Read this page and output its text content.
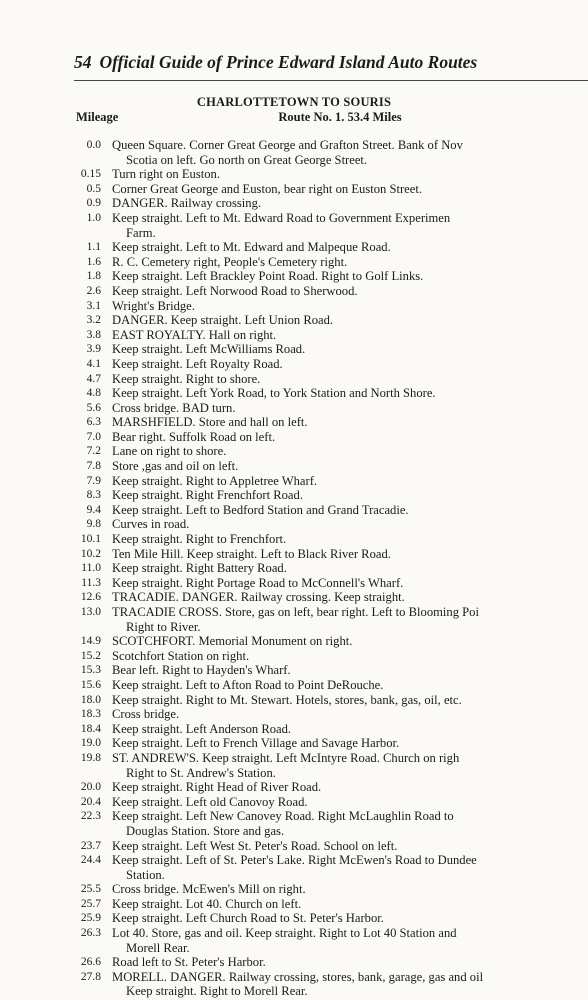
54 Official Guide of Prince Edward Island Auto Routes
CHARLOTTETOWN TO SOURIS
Mileage	Route No. 1. 53.4 Miles
0.0 Queen Square. Corner Great George and Grafton Street. Bank of Nov
Scotia on left. Go north on Great George Street.
0.15 Turn right on Euston.
0.5 Corner Great George and Euston, bear right on Euston Street.
0.9 DANGER. Railway crossing.
1.0 Keep straight. Left to Mt. Edward Road to Government Experimen
Farm.
1.1 Keep straight. Left to Mt. Edward and Malpeque Road.
1.6 R. C. Cemetery right, People's Cemetery right.
1.8 Keep straight. Left Brackley Point Road. Right to Golf Links.
2.6 Keep straight. Left Norwood Road to Sherwood.
3.1 Wright's Bridge.
3.2 DANGER. Keep straight. Left Union Road.
3.8 EAST ROYALTY. Hall on right.
3.9 Keep straight. Left McWilliams Road.
4.1 Keep straight. Left Royalty Road.
4.7 Keep straight. Right to shore.
4.8 Keep straight. Left York Road, to York Station and North Shore.
5.6 Cross bridge. BAD turn.
6.3 MARSHFIELD. Store and hall on left.
7.0 Bear right. Suffolk Road on left.
7.2 Lane on right to shore.
7.8 Store ,gas and oil on left.
7.9 Keep straight. Right to Appletree Wharf.
8.3 Keep straight. Right Frenchfort Road.
9.4 Keep straight. Left to Bedford Station and Grand Tracadie.
9.8 Curves in road.
10.1 Keep straight. Right to Frenchfort.
10.2 Ten Mile Hill. Keep straight. Left to Black River Road.
11.0 Keep straight. Right Battery Road.
11.3 Keep straight. Right Portage Road to McConnell's Wharf.
12.6 TRACADIE. DANGER. Railway crossing. Keep straight.
13.0 TRACADIE CROSS. Store, gas on left, bear right. Left to Blooming Poi
Right to River.
14.9 SCOTCHFORT. Memorial Monument on right.
15.2 Scotchfort Station on right.
15.3 Bear left. Right to Hayden's Wharf.
15.6 Keep straight. Left to Afton Road to Point DeRouche.
18.0 Keep straight. Right to Mt. Stewart. Hotels, stores, bank, gas, oil, etc.
18.3 Cross bridge.
18.4 Keep straight. Left Anderson Road.
19.0 Keep straight. Left to French Village and Savage Harbor.
19.8 ST. ANDREW'S. Keep straight. Left McIntyre Road. Church on righ
Right to St. Andrew's Station.
20.0 Keep straight. Right Head of River Road.
20.4 Keep straight. Left old Canovoy Road.
22.3 Keep straight. Left New Canovey Road. Right McLaughlin Road to
Douglas Station. Store and gas.
23.7 Keep straight. Left West St. Peter's Road. School on left.
24.4 Keep straight. Left of St. Peter's Lake. Right McEwen's Road to Dundee
Station.
25.5 Cross bridge. McEwen's Mill on right.
25.7 Keep straight. Lot 40. Church on left.
25.9 Keep straight. Left Church Road to St. Peter's Harbor.
26.3 Lot 40. Store, gas and oil. Keep straight. Right to Lot 40 Station and
Morell Rear.
26.6 Road left to St. Peter's Harbor.
27.8 MORELL. DANGER. Railway crossing, stores, bank, garage, gas and oil
Keep straight. Right to Morell Rear.
